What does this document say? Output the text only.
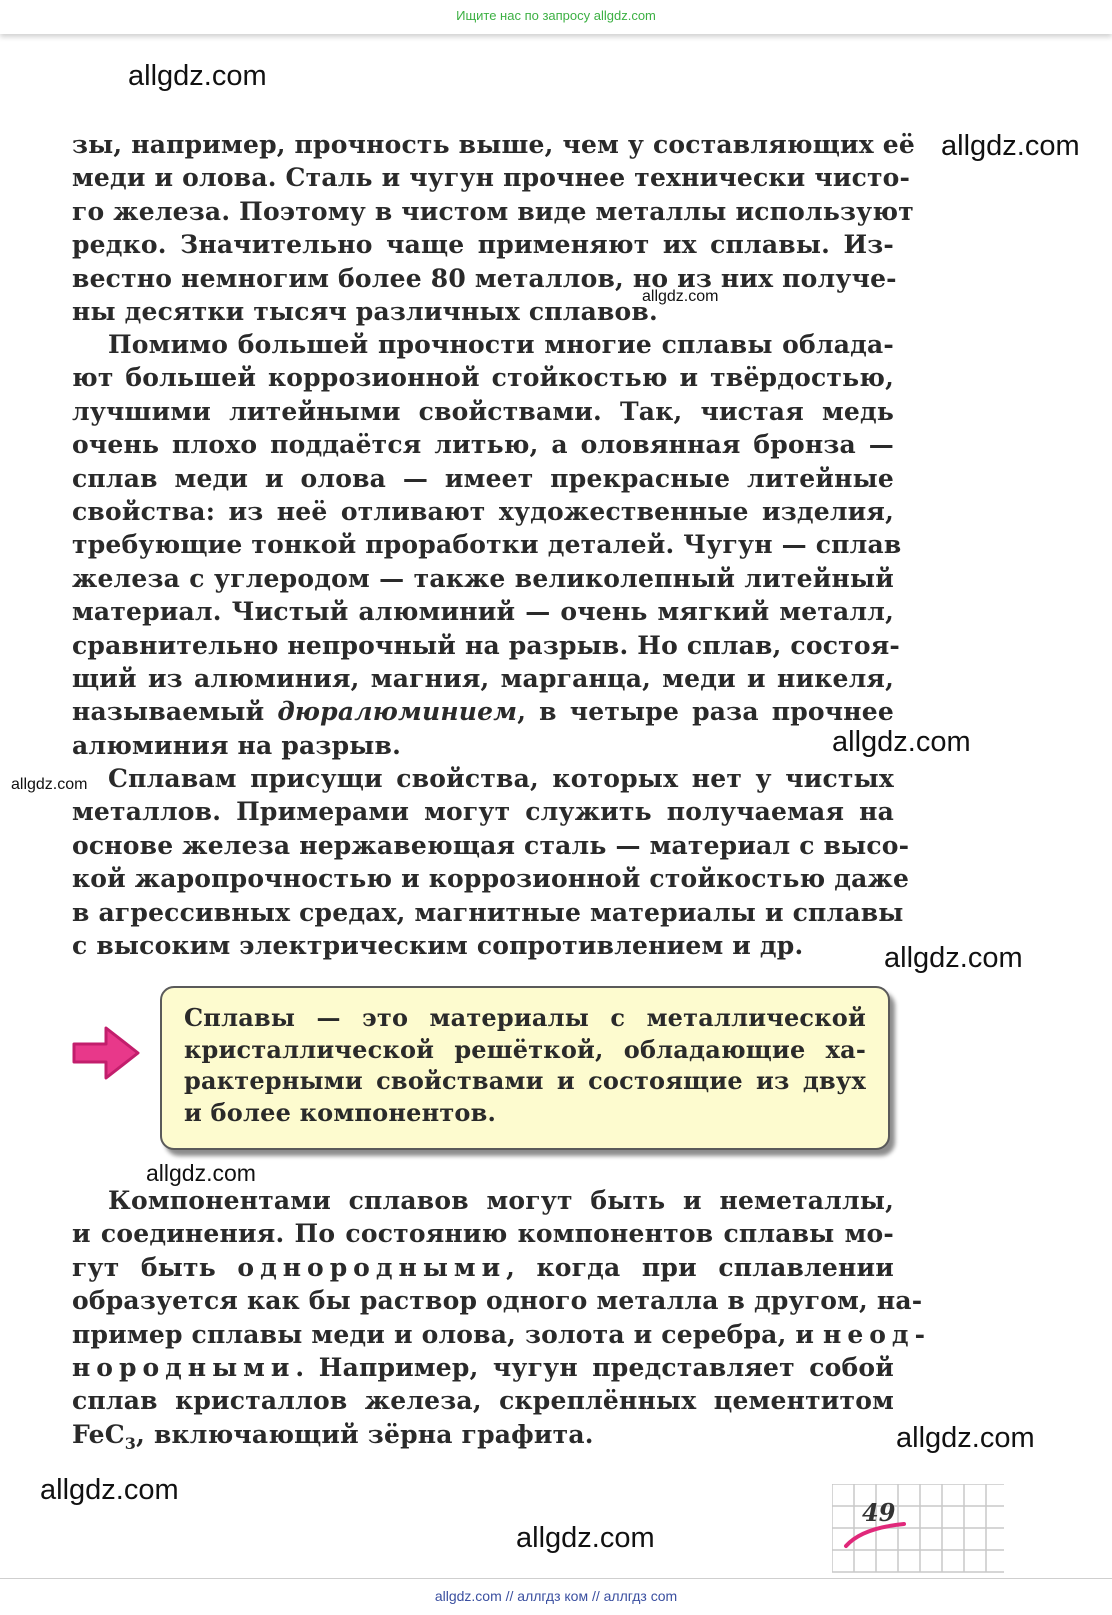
Ищите нас по запросу allgdz.com
allgdz.com
allgdz.com
allgdz.com
allgdz.com
allgdz.com
allgdz.com
allgdz.com
allgdz.com
allgdz.com
allgdz.com
зы, например, прочность выше, чем у составляющих её
меди и олова. Сталь и чугун прочнее технически чисто-
го железа. Поэтому в чистом виде металлы используют
редко. Значительно чаще применяют их сплавы. Из-
вестно немногим более 80 металлов, но из них получе-
ны десятки тысяч различных сплавов.
Помимо большей прочности многие сплавы облада-
ют большей коррозионной стойкостью и твёрдостью,
лучшими литейными свойствами. Так, чистая медь
очень плохо поддаётся литью, а оловянная бронза —
сплав меди и олова — имеет прекрасные литейные
свойства: из неё отливают художественные изделия,
требующие тонкой проработки деталей. Чугун — сплав
железа с углеродом — также великолепный литейный
материал. Чистый алюминий — очень мягкий металл,
сравнительно непрочный на разрыв. Но сплав, состоя-
щий из алюминия, магния, марганца, меди и никеля,
называемый дюралюминием, в четыре раза прочнее
алюминия на разрыв.
Сплавам присущи свойства, которых нет у чистых
металлов. Примерами могут служить получаемая на
основе железа нержавеющая сталь — материал с высо-
кой жаропрочностью и коррозионной стойкостью даже
в агрессивных средах, магнитные материалы и сплавы
с высоким электрическим сопротивлением и др.
Сплавы — это материалы с металлической
кристаллической решёткой, обладающие ха-
рактерными свойствами и состоящие из двух
и более компонентов.
Компонентами сплавов могут быть и неметаллы,
и соединения. По состоянию компонентов сплавы мо-
гут быть однородными, когда при сплавлении
образуется как бы раствор одного металла в другом, на-
пример сплавы меди и олова, золота и серебра, и неод-
нородными. Например, чугун представляет собой
сплав кристаллов железа, скреплённых цементитом
FeC$_3$, включающий зёрна графита.
49
allgdz.com // аллгдз ком // аллгдз com
